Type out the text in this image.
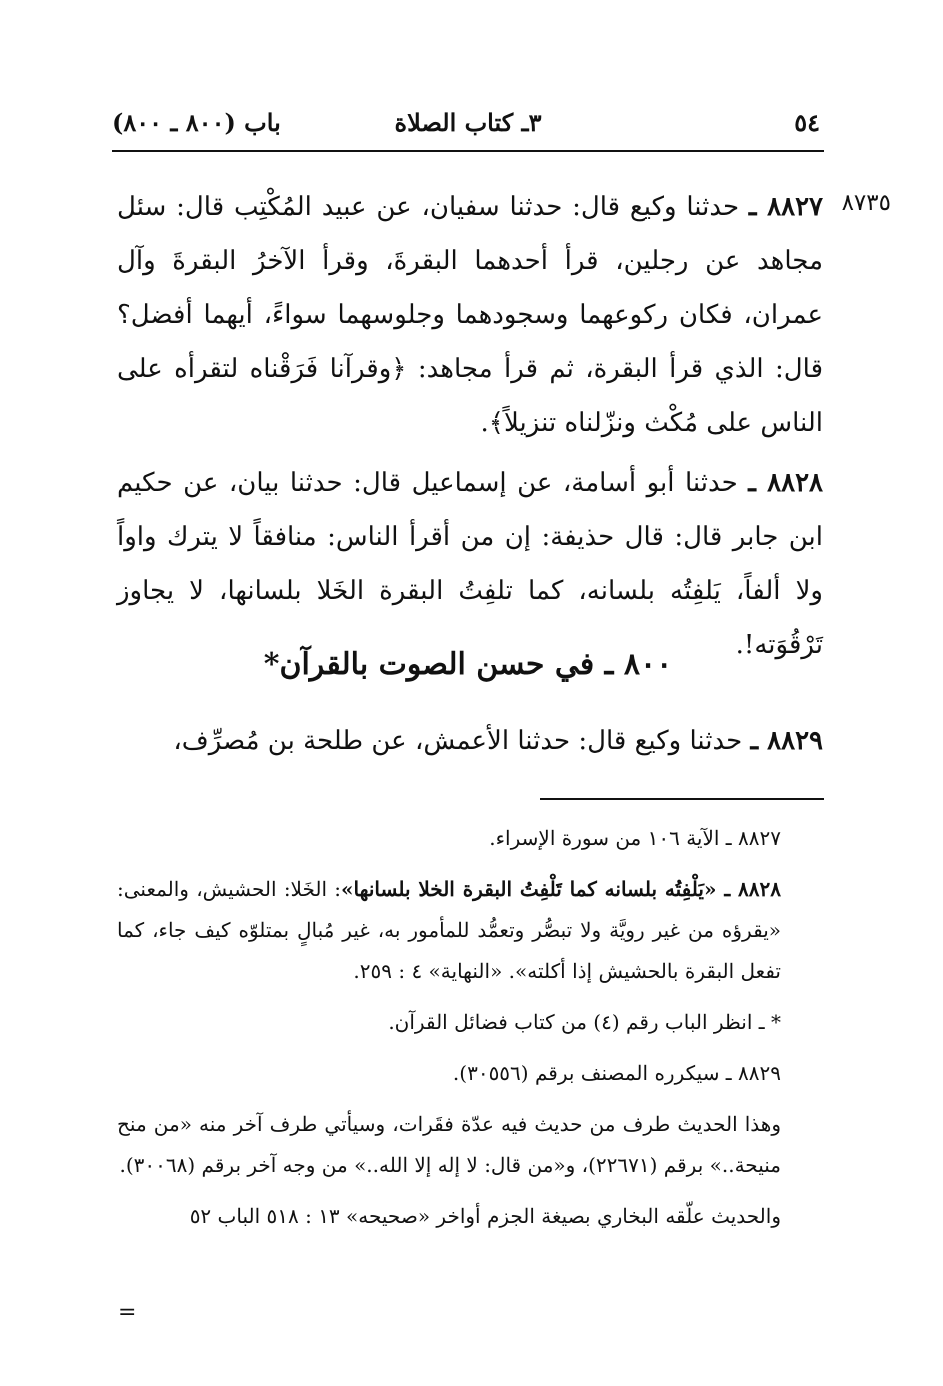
٥٤
٣ـ كتاب الصلاة
باب (٨٠٠ ـ ٨٠٠)
٨٧٣٥

٨٨٢٧ ـ حدثنا وكيع قال: حدثنا سفيان، عن عبيد المُكْتِب قال: سئل مجاهد عن رجلين، قرأ أحدهما البقرةَ، وقرأ الآخرُ البقرةَ وآل عمران، فكان ركوعهما وسجودهما وجلوسهما سواءً، أيهما أفضل؟ قال: الذي قرأ البقرة، ثم قرأ مجاهد: ﴿وقرآنا فَرَقْناه لتقرأه على الناس على مُكْث ونزّلناه تنزيلاً﴾.

٨٨٢٨ ـ حدثنا أبو أسامة، عن إسماعيل قال: حدثنا بيان، عن حكيم ابن جابر قال: قال حذيفة: إن من أقرأ الناس: منافقاً لا يترك واواً ولا ألفاً، يَلفِتُه بلسانه، كما تلفِتُ البقرة الخَلا بلسانها، لا يجاوز تَرْقُوَته!.

٨٠٠ ـ في حسن الصوت بالقرآن*

٨٨٢٩ ـ حدثنا وكيع قال: حدثنا الأعمش، عن طلحة بن مُصرِّف،

٨٨٢٧ ـ الآية ١٠٦ من سورة الإسراء.

٨٨٢٨ ـ «يَلْفِتُه بلسانه كما تَلْفِتُ البقرة الخلا بلسانها»: الخَلا: الحشيش، والمعنى: «يقرؤه من غير رويَّة ولا تبصُّر وتعمُّد للمأمور به، غير مُبالٍ بمتلوّه كيف جاء، كما تفعل البقرة بالحشيش إذا أكلته». «النهاية» ٤ : ٢٥٩.

* ـ انظر الباب رقم (٤) من كتاب فضائل القرآن.

٨٨٢٩ ـ سيكرره المصنف برقم (٣٠٥٥٦).

وهذا الحديث طرف من حديث فيه عدّة فقَرات، وسيأتي طرف آخر منه «من منح منيحة..» برقم (٢٢٦٧١)، و«من قال: لا إله إلا الله..» من وجه آخر برقم (٣٠٠٦٨).

والحديث علّقه البخاري بصيغة الجزم أواخر «صحيحه» ١٣ : ٥١٨ الباب ٥٢

=
